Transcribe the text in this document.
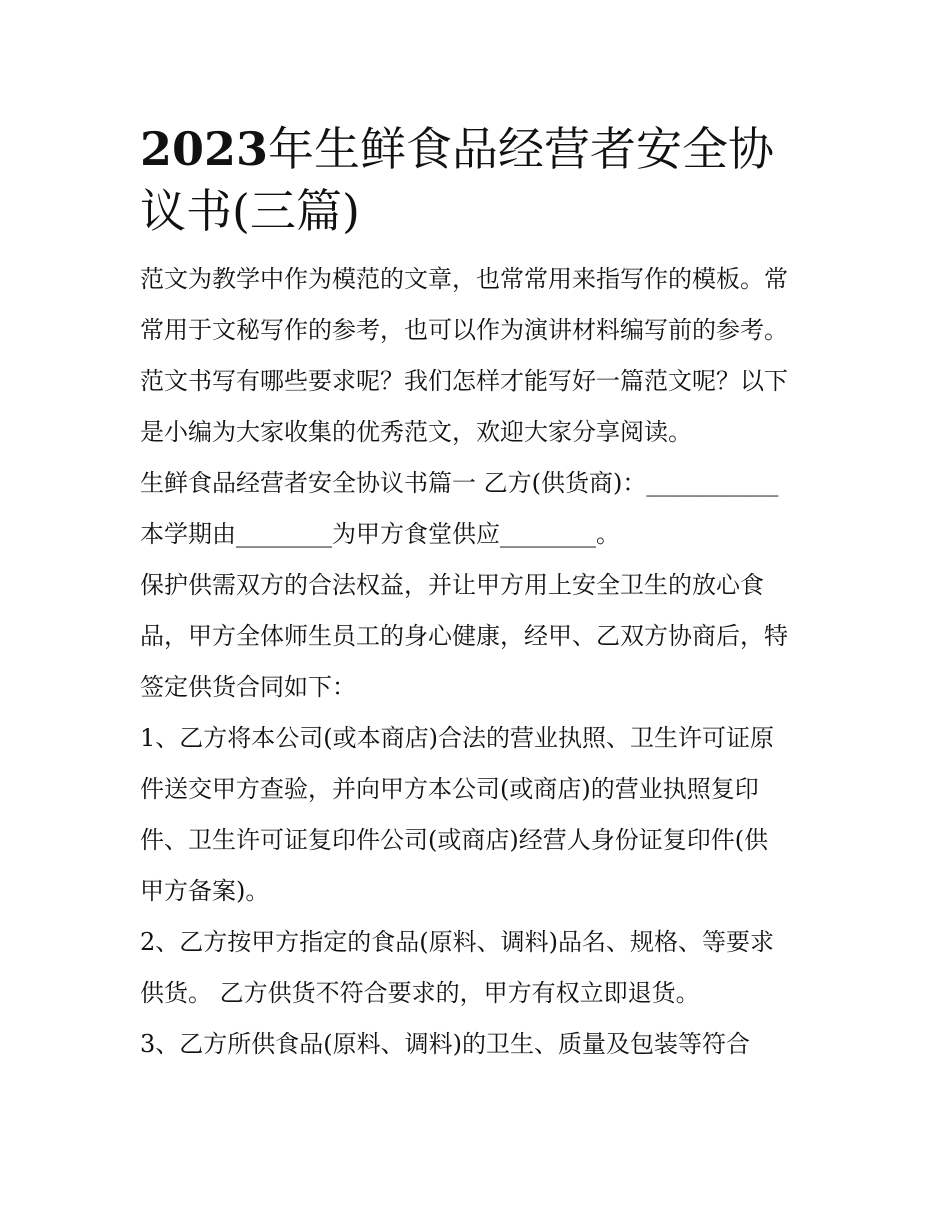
2023年生鲜食品经营者安全协
议书(三篇)
范文为教学中作为模范的文章，也常常用来指写作的模板。常
常用于文秘写作的参考，也可以作为演讲材料编写前的参考。
范文书写有哪些要求呢？我们怎样才能写好一篇范文呢？以下
是小编为大家收集的优秀范文，欢迎大家分享阅读。
生鲜食品经营者安全协议书篇一 乙方(供货商)：___________
本学期由________为甲方食堂供应________。
保护供需双方的合法权益，并让甲方用上安全卫生的放心食
品，甲方全体师生员工的身心健康，经甲、乙双方协商后，特
签定供货合同如下：
1、乙方将本公司(或本商店)合法的营业执照、卫生许可证原
件送交甲方查验，并向甲方本公司(或商店)的营业执照复印
件、卫生许可证复印件公司(或商店)经营人身份证复印件(供
甲方备案)。
2、乙方按甲方指定的食品(原料、调料)品名、规格、等要求
供货。 乙方供货不符合要求的，甲方有权立即退货。
3、乙方所供食品(原料、调料)的卫生、质量及包装等符合
